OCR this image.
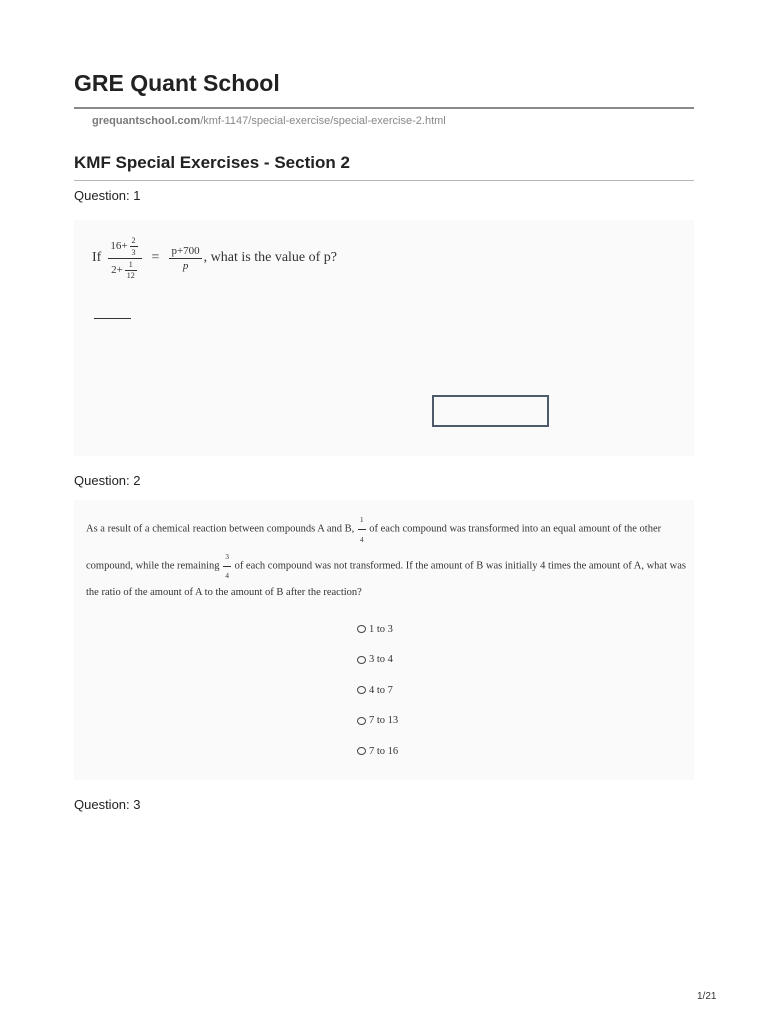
GRE Quant School
grequantschool.com/kmf-1147/special-exercise/special-exercise-2.html
KMF Special Exercises - Section 2
Question: 1
If $\frac{16+ \frac{2}{3}}{2+ \frac{1}{12}} = \frac{p+700}{p}$ , what is the value of p?
Question: 2
As a result of a chemical reaction between compounds A and B, $\frac{1}{4}$ of each compound was transformed into an equal amount of the other compound, while the remaining $\frac{3}{4}$ of each compound was not transformed. If the amount of B was initially 4 times the amount of A, what was the ratio of the amount of A to the amount of B after the reaction?
1 to 3
3 to 4
4 to 7
7 to 13
7 to 16
Question: 3
1/21
